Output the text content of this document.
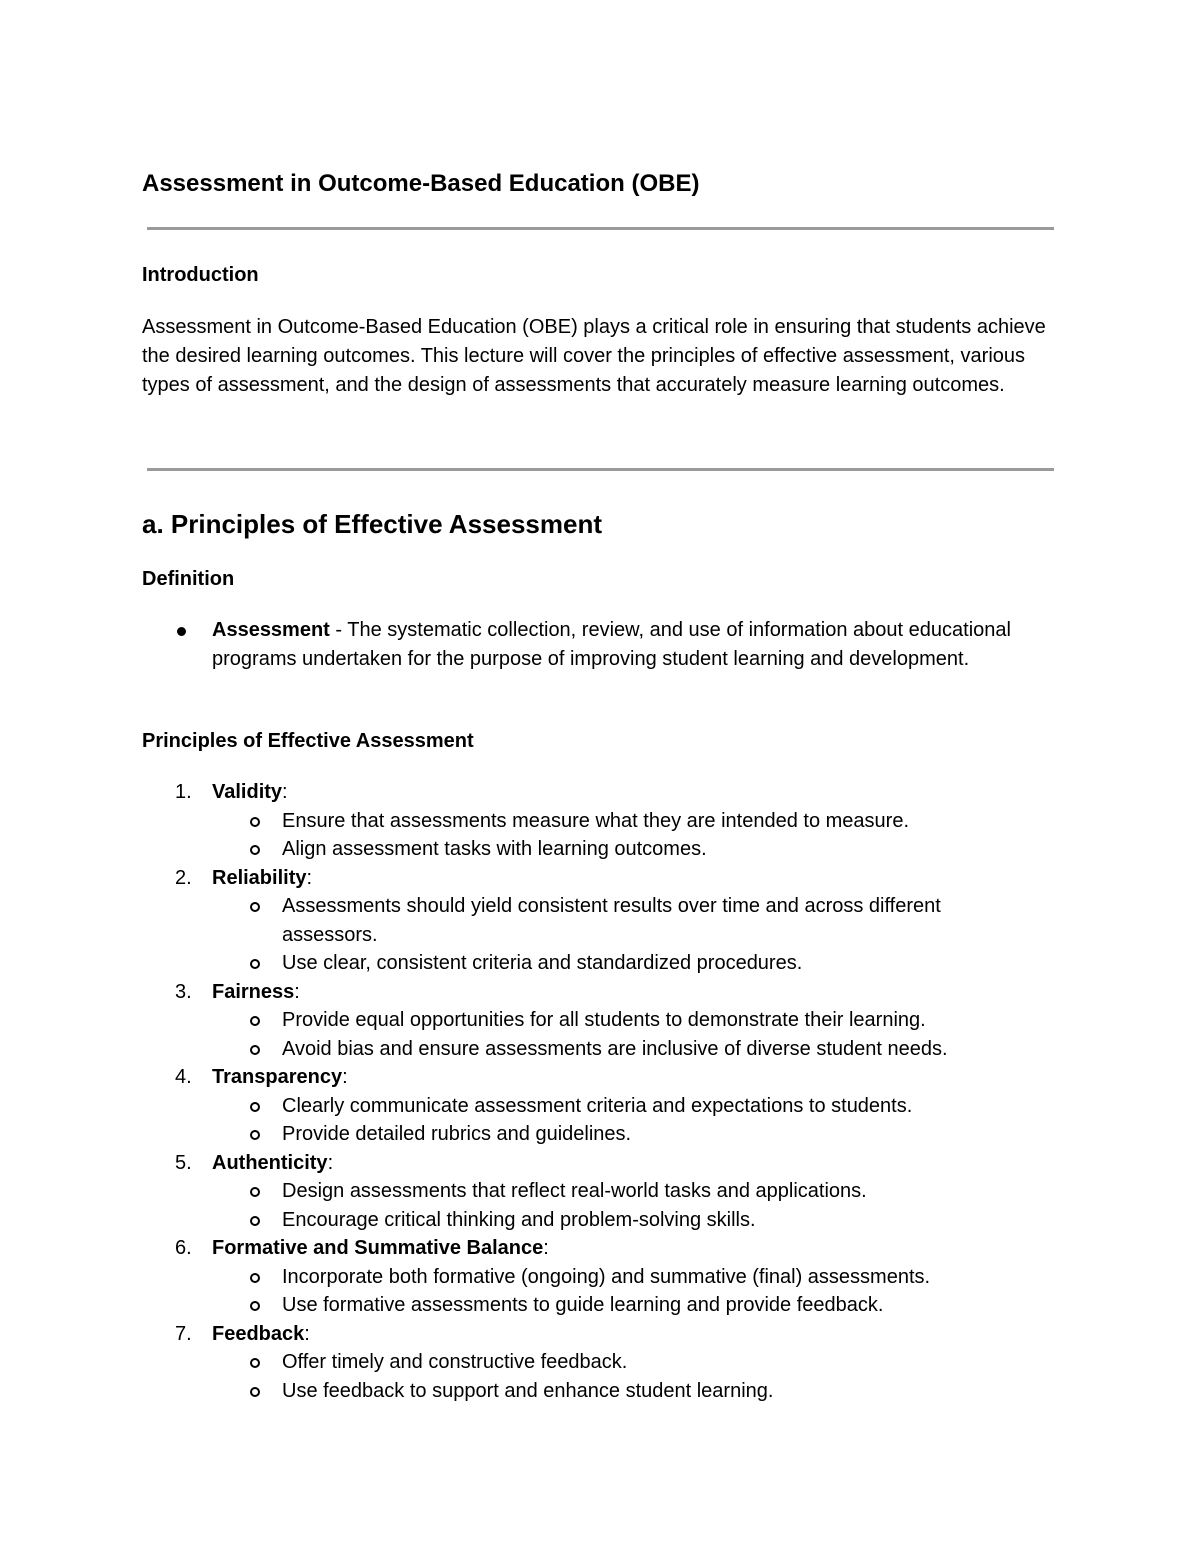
Assessment in Outcome-Based Education (OBE)
Introduction

Assessment in Outcome-Based Education (OBE) plays a critical role in ensuring that students achieve the desired learning outcomes. This lecture will cover the principles of effective assessment, various types of assessment, and the design of assessments that accurately measure learning outcomes.

a. Principles of Effective Assessment
Definition
Assessment - The systematic collection, review, and use of information about educational programs undertaken for the purpose of improving student learning and development.
Principles of Effective Assessment
1. Validity:
Ensure that assessments measure what they are intended to measure.
Align assessment tasks with learning outcomes.
2. Reliability:
Assessments should yield consistent results over time and across different assessors.
Use clear, consistent criteria and standardized procedures.
3. Fairness:
Provide equal opportunities for all students to demonstrate their learning.
Avoid bias and ensure assessments are inclusive of diverse student needs.
4. Transparency:
Clearly communicate assessment criteria and expectations to students.
Provide detailed rubrics and guidelines.
5. Authenticity:
Design assessments that reflect real-world tasks and applications.
Encourage critical thinking and problem-solving skills.
6. Formative and Summative Balance:
Incorporate both formative (ongoing) and summative (final) assessments.
Use formative assessments to guide learning and provide feedback.
7. Feedback:
Offer timely and constructive feedback.
Use feedback to support and enhance student learning.
